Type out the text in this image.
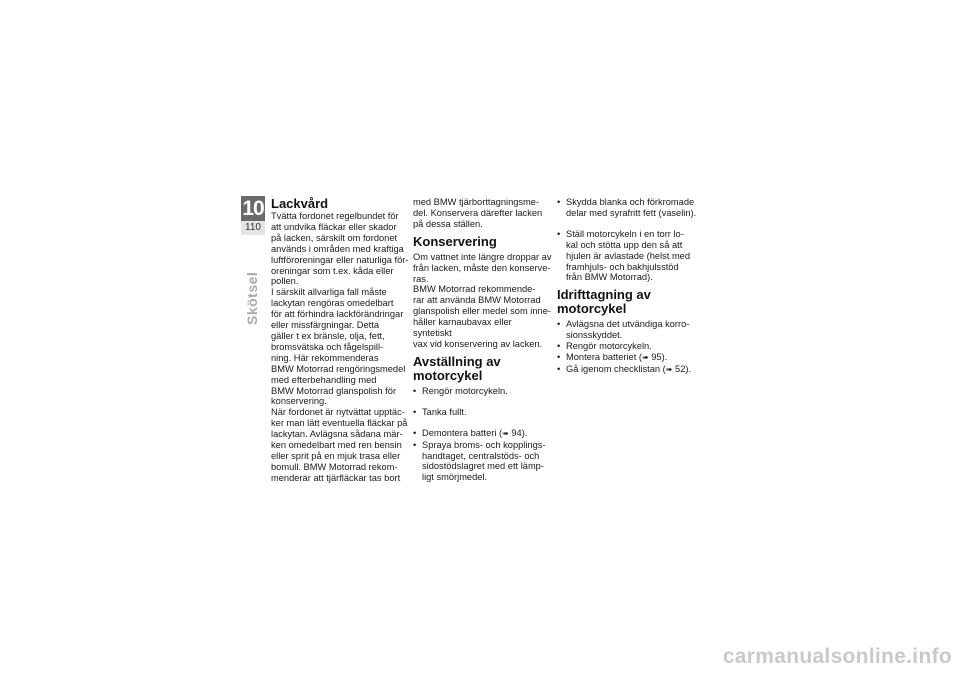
10
110
Skötsel
Lackvård

Tvätta fordonet regelbundet för
att undvika fläckar eller skador
på lacken, särskilt om fordonet
används i områden med kraftiga
luftföroreningar eller naturliga för-
oreningar som t.ex. kåda eller
pollen.
I särskilt allvarliga fall måste
lackytan rengöras omedelbart
för att förhindra lackförändringar
eller missfärgningar. Detta
gäller t ex bränsle, olja, fett,
bromsvätska och fågelspill-
ning. Här rekommenderas
BMW Motorrad rengöringsmedel
med efterbehandling med
BMW Motorrad glanspolish för
konservering.
När fordonet är nytvättat upptäc-
ker man lätt eventuella fläckar på
lackytan. Avlägsna sådana mär-
ken omedelbart med ren bensin
eller sprit på en mjuk trasa eller
bomull. BMW Motorrad rekom-
menderar att tjärfläckar tas bort

med BMW tjärborttagningsme-
del. Konservera därefter lacken
på dessa ställen.

Konservering

Om vattnet inte längre droppar av
från lacken, måste den konserve-
ras.
BMW Motorrad rekommende-
rar att använda BMW Motorrad
glanspolish eller medel som inne-
håller karnaubavax eller syntetiskt
vax vid konservering av lacken.

Avställning av motorcykel
• Rengör motorcykeln.
• Tanka fullt.
• Demontera batteri (➠ 94).
• Spraya broms- och kopplings-
handtaget, centralstöds- och
sidostödslagret med ett lämp-
ligt smörjmedel.
• Skydda blanka och förkromade
delar med syrafritt fett (vaselin).
• Ställ motorcykeln i en torr lo-
kal och stötta upp den så att
hjulen är avlastade (helst med
framhjuls- och bakhjulsstöd
från BMW Motorrad).
Idrifttagning av motorcykel
• Avlägsna det utvändiga korro-
sionsskyddet.
• Rengör motorcykeln.
• Montera batteriet (➠ 95).
• Gå igenom checklistan (➠ 52).
carmanualsonline.info
